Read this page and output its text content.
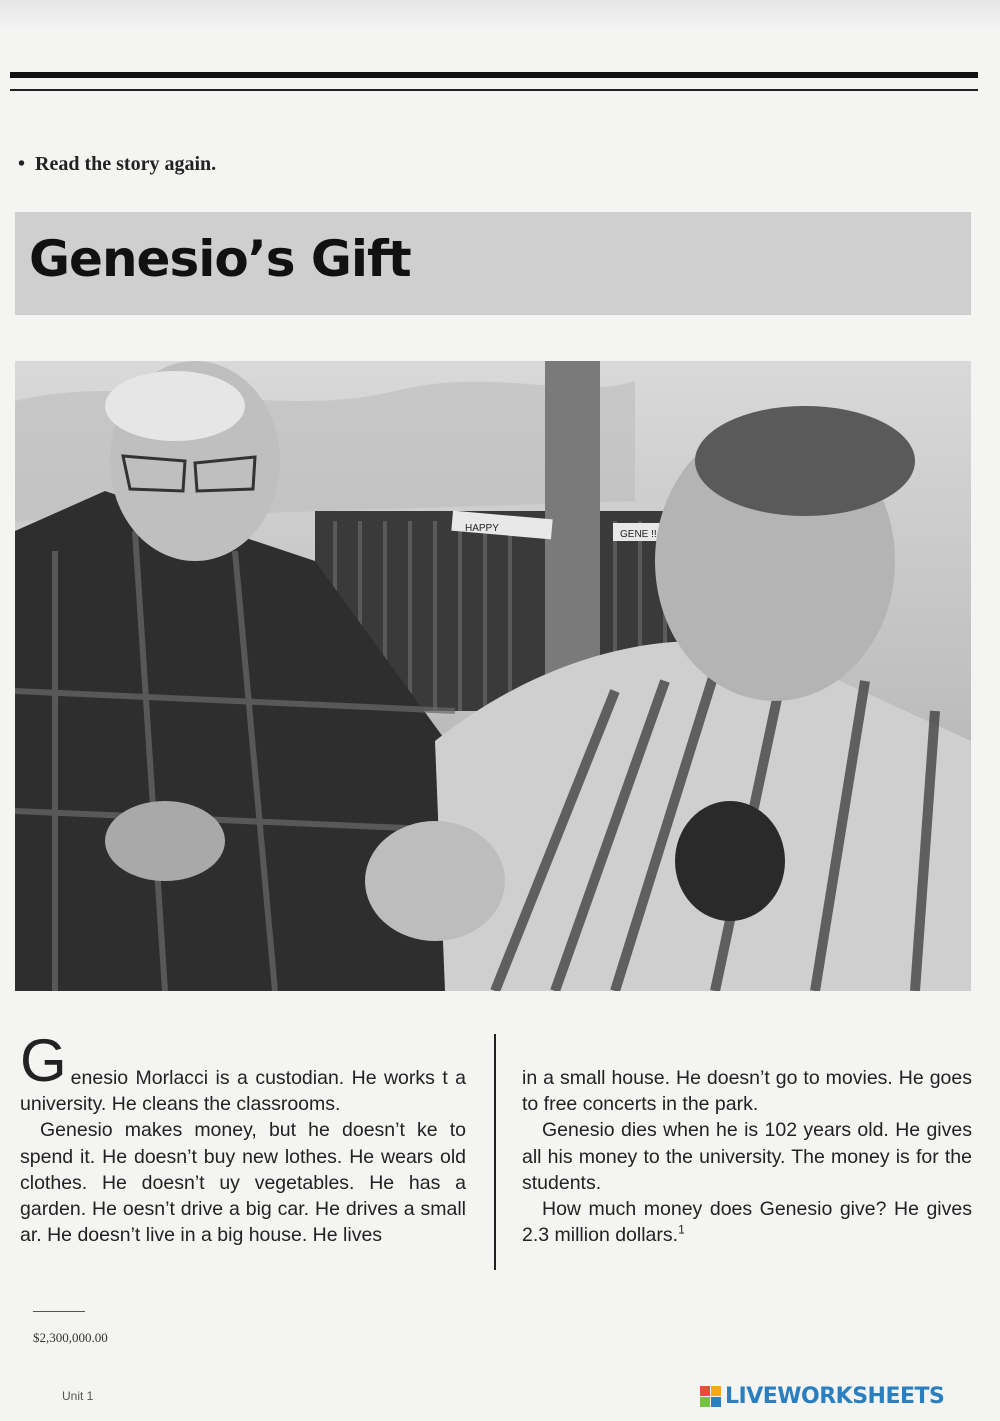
• Read the story again.
Genesio’s Gift
HAPPY
GENE !!

Genesio Morlacci is a custodian. He works t a university. He cleans the classrooms.

Genesio makes money, but he doesn’t ke to spend it. He doesn’t buy new lothes. He wears old clothes. He doesn’t uy vegetables. He has a garden. He oesn’t drive a big car. He drives a small ar. He doesn’t live in a big house. He lives

in a small house. He doesn’t go to movies. He goes to free concerts in the park.

Genesio dies when he is 102 years old. He gives all his money to the university. The money is for the students.

How much money does Genesio give? He gives 2.3 million dollars.$^1$

$2,300,000.00
Unit 1	LIVEWORKSHEETS
